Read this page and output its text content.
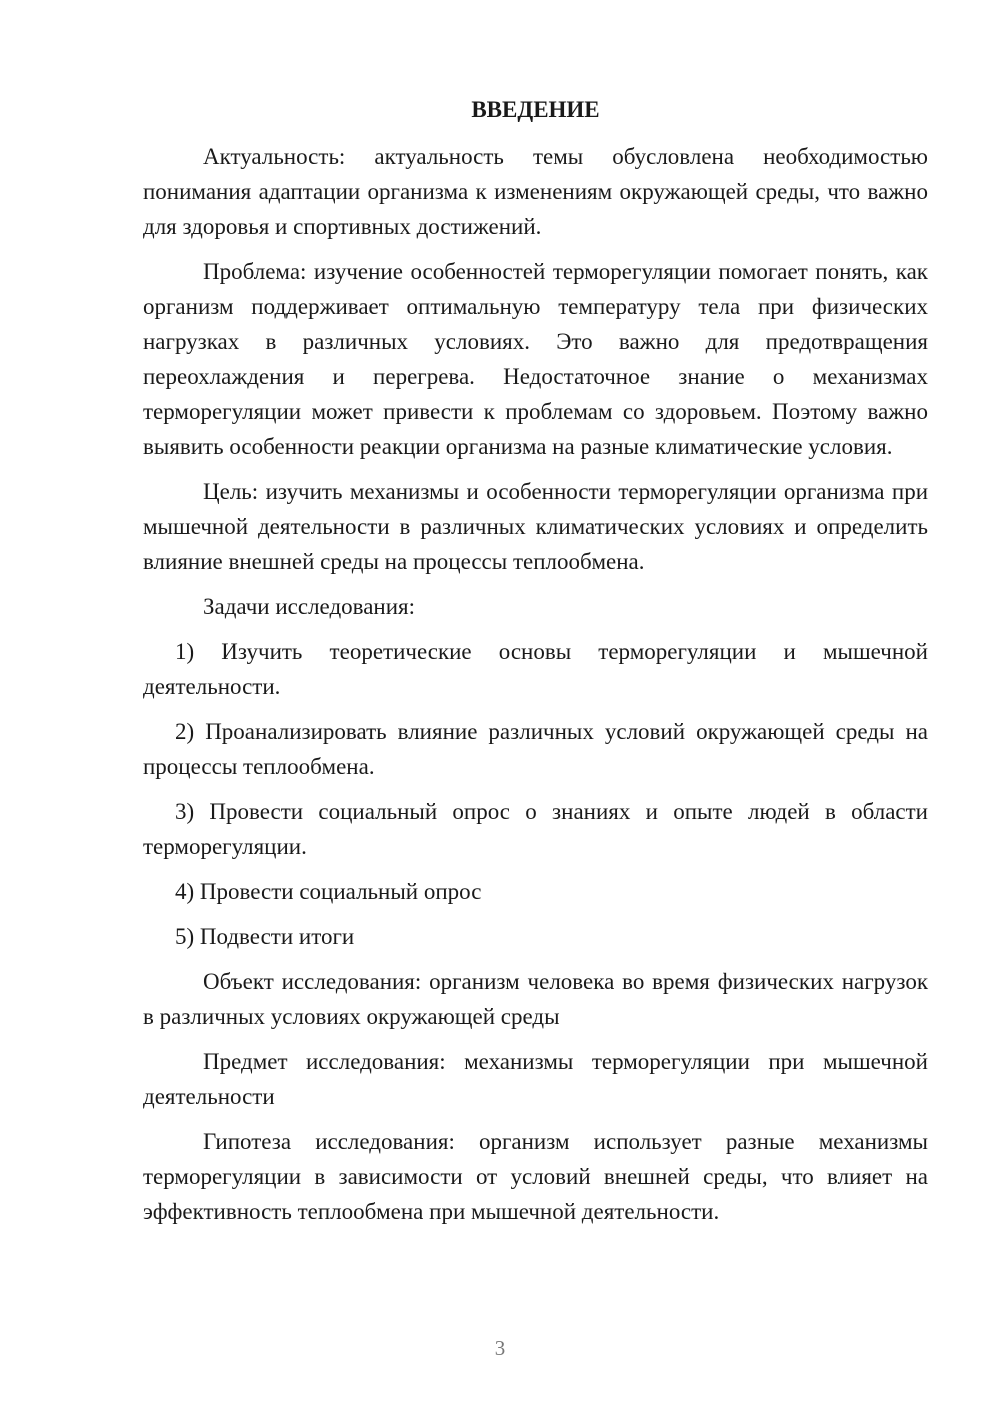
ВВЕДЕНИЕ

Актуальность: актуальность темы обусловлена необходимостью понимания адаптации организма к изменениям окружающей среды, что важно для здоровья и спортивных достижений.

Проблема: изучение особенностей терморегуляции помогает понять, как организм поддерживает оптимальную температуру тела при физических нагрузках в различных условиях. Это важно для предотвращения переохлаждения и перегрева. Недостаточное знание о механизмах терморегуляции может привести к проблемам со здоровьем. Поэтому важно выявить особенности реакции организма на разные климатические условия.

Цель: изучить механизмы и особенности терморегуляции организма при мышечной деятельности в различных климатических условиях и определить влияние внешней среды на процессы теплообмена.

Задачи исследования:

1) Изучить теоретические основы терморегуляции и мышечной деятельности.

2) Проанализировать влияние различных условий окружающей среды на процессы теплообмена.

3) Провести социальный опрос о знаниях и опыте людей в области терморегуляции.

4) Провести социальный опрос

5) Подвести итоги

Объект исследования: организм человека во время физических нагрузок в различных условиях окружающей среды

Предмет исследования: механизмы терморегуляции при мышечной деятельности

Гипотеза исследования: организм использует разные механизмы терморегуляции в зависимости от условий внешней среды, что влияет на эффективность теплообмена при мышечной деятельности.

3
